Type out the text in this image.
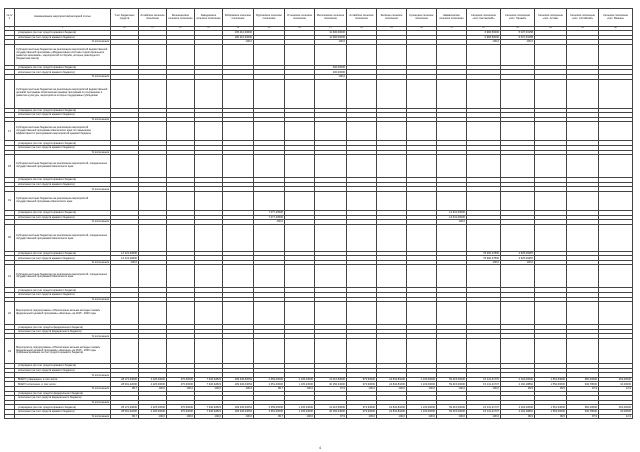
№ п/п	Наименование мероприятия/расходной статьи	Учет бюджетных средств	Алтайское сельское поселение	Бельагашское сельское поселение	Заводинское сельское поселение	Бобровское сельское поселение	Бурлинское сельское поселение	Устьинское сельское поселение	Метелинское сельское поселение	Алтайское сельское поселение	Зелёное сельское поселение	Кузнецкое сельское поселение	Шамахинское сельское поселение	Сельское поселение «пос. Кастанский»	Сельское поселение «пос. Горный»	Сельское поселение «пос. Алтай»	Сельское поселение «пос. Алтайский»	Сельское поселение «пос. Баянка»
1	2	20	21	22	23	24	25	26	27	28	29	30	31	32	33	34	35	36
	утверждено (за счет средств краевого бюджета)					195 410,00600			11 600,00000					6 996,50000	5 037,03158			
	исполнено (за счет средств краевого бюджета)					195 410,00600			11 600,00000					6 996,50000	5 037,03158			
	% исполнения					100,0			100,0					100,0	100,0			
	Субсидии местным бюджетам на реализацию мероприятий ведомственной государственной программы «Модернизация системы территориального развития экономики», мероприятий по борьбе, которые реализуются (бюджетная смета)																	
	утверждено (за счет средств краевого бюджета)								200,00000									
	исполнено (за счет средств краевого бюджета)								200,00000									
	% исполнения								100,0									
	Субсидии местным бюджетам на реализацию мероприятий ведомственной целевой программы Комплексная краевая программа по сохранению и развитию культуры, мероприятия которых поддержаны субсидиями																	
	утверждено (за счет средств краевого бюджета)																	
	исполнено (за счет средств краевого бюджета)																	
	% исполнения																	
17	Субсидии местным бюджетам на реализацию мероприятий государственной программы Камчатского края по повышению эффективности расходования мероприятий краевой бюджета																	
	утверждено (за счет средств краевого бюджета)																	
	исполнено (за счет средств краевого бюджета)																	
	% исполнения																	
18	Субсидии местным бюджетам на реализацию мероприятий, определенных государственной программой Камчатского края																	
	утверждено (за счет средств краевого бюджета)																	
	исполнено (за счет средств краевого бюджета)																	
	% исполнения																	
19	Субсидии местным бюджетам на реализацию мероприятий государственной программы Камчатского края																	
	утверждено (за счет средств краевого бюджета)						7 077,40500						14 641,00000					
	исполнено (за счет средств краевого бюджета)						7 077,40500						14 641,00000					
	% исполнения						100,0						100,0					
20	Субсидии местным бюджетам на реализацию мероприятий, определенных государственной программой Камчатского края																	
	утверждено (за счет средств краевого бюджета)	14 121,29600												78 390,27800	4 625,09387			
	исполнено (за счет средств краевого бюджета)	14 121,29600												78 390,27800	4 625,09387			
	% исполнения	100,0												100,0	100,0			
21	Субсидии местным бюджетам на реализацию мероприятий, определенных государственной программой Камчатского края																	
	утверждено (за счет средств краевого бюджета)																	
	исполнено (за счет средств краевого бюджета)																	
	% исполнения																	
22	Мероприятия подпрограммы «Обеспечение жильем молодых семей» федеральной целевой программы «Жилище» на 2015 - 2020 годы																	
	утверждено (за счет средств федерального бюджета)																	
	исполнено (за счет средств федерального бюджета)																	
	% исполнения																	
23	Мероприятия подпрограммы «Обеспечение жильем молодых семей» федеральной целевой программы «Жилище» на 2015 - 2020 годы (софинансирование за счет средств краевого бюджета)																	
	утверждено (за счет средств краевого бюджета)																	
	исполнено (за счет средств краевого бюджета)																	
	% исполнения																	
	ВСЕГО утверждено, в том числе:	28 172,29000	4 225,00000	370,60000	7 946,32823	199 346,60054	2 359,00000	1 135,23000	41 016,59000	973,93000	24 844,81000	1 133,00000	59 415,00000	15 141,21737	2 194,00000	1 561,63000	960,40000	263,00000
	ВСЕГО исполнено, в том числе:	28 091,22000	4 225,00000	370,60000	7 946,32823	199 346,04054	2 351,00000	1 135,23000	40 156,44000	973,93000	24 844,81000	1 133,00000	59 415,00000	15 141,21737	2 192,18862	1 554,00000	940,78000	34,00000
	% исполнения	99,7	100,0	100,0	100,0	100,0	99,7	100,0	97,9	100,0	100,0	100,0	100,0	100,0	99,9	99,5	97,9	12,9
	утверждено (за счет средств федерального бюджета)																	
	исполнено (за счет средств федерального бюджета)																	
	% исполнения																	
	утверждено (за счет средств краевого бюджета)	28 172,29000	4 225,00000	370,60000	7 946,32823	199 346,60054	2 359,00000	1 135,23000	41 016,59000	973,93000	24 844,81000	1 133,00000	59 415,00000	15 141,21737	2 194,00000	1 561,63000	960,40000	263,00000
	исполнено (за счет средств краевого бюджета)	28 091,22000	4 225,00000	370,60000	7 946,32823	199 346,04054	2 351,00000	1 135,23000	40 156,44000	973,93000	24 844,81000	1 133,00000	59 415,00000	15 141,21737	2 192,18862	1 554,00000	940,78000	34,00000
	% исполнения	99,7	100,0	100,0	100,0	100,0	99,7	100,0	97,9	100,0	100,0	100,0	100,0	100,0	99,9	99,5	97,9	12,9
4
